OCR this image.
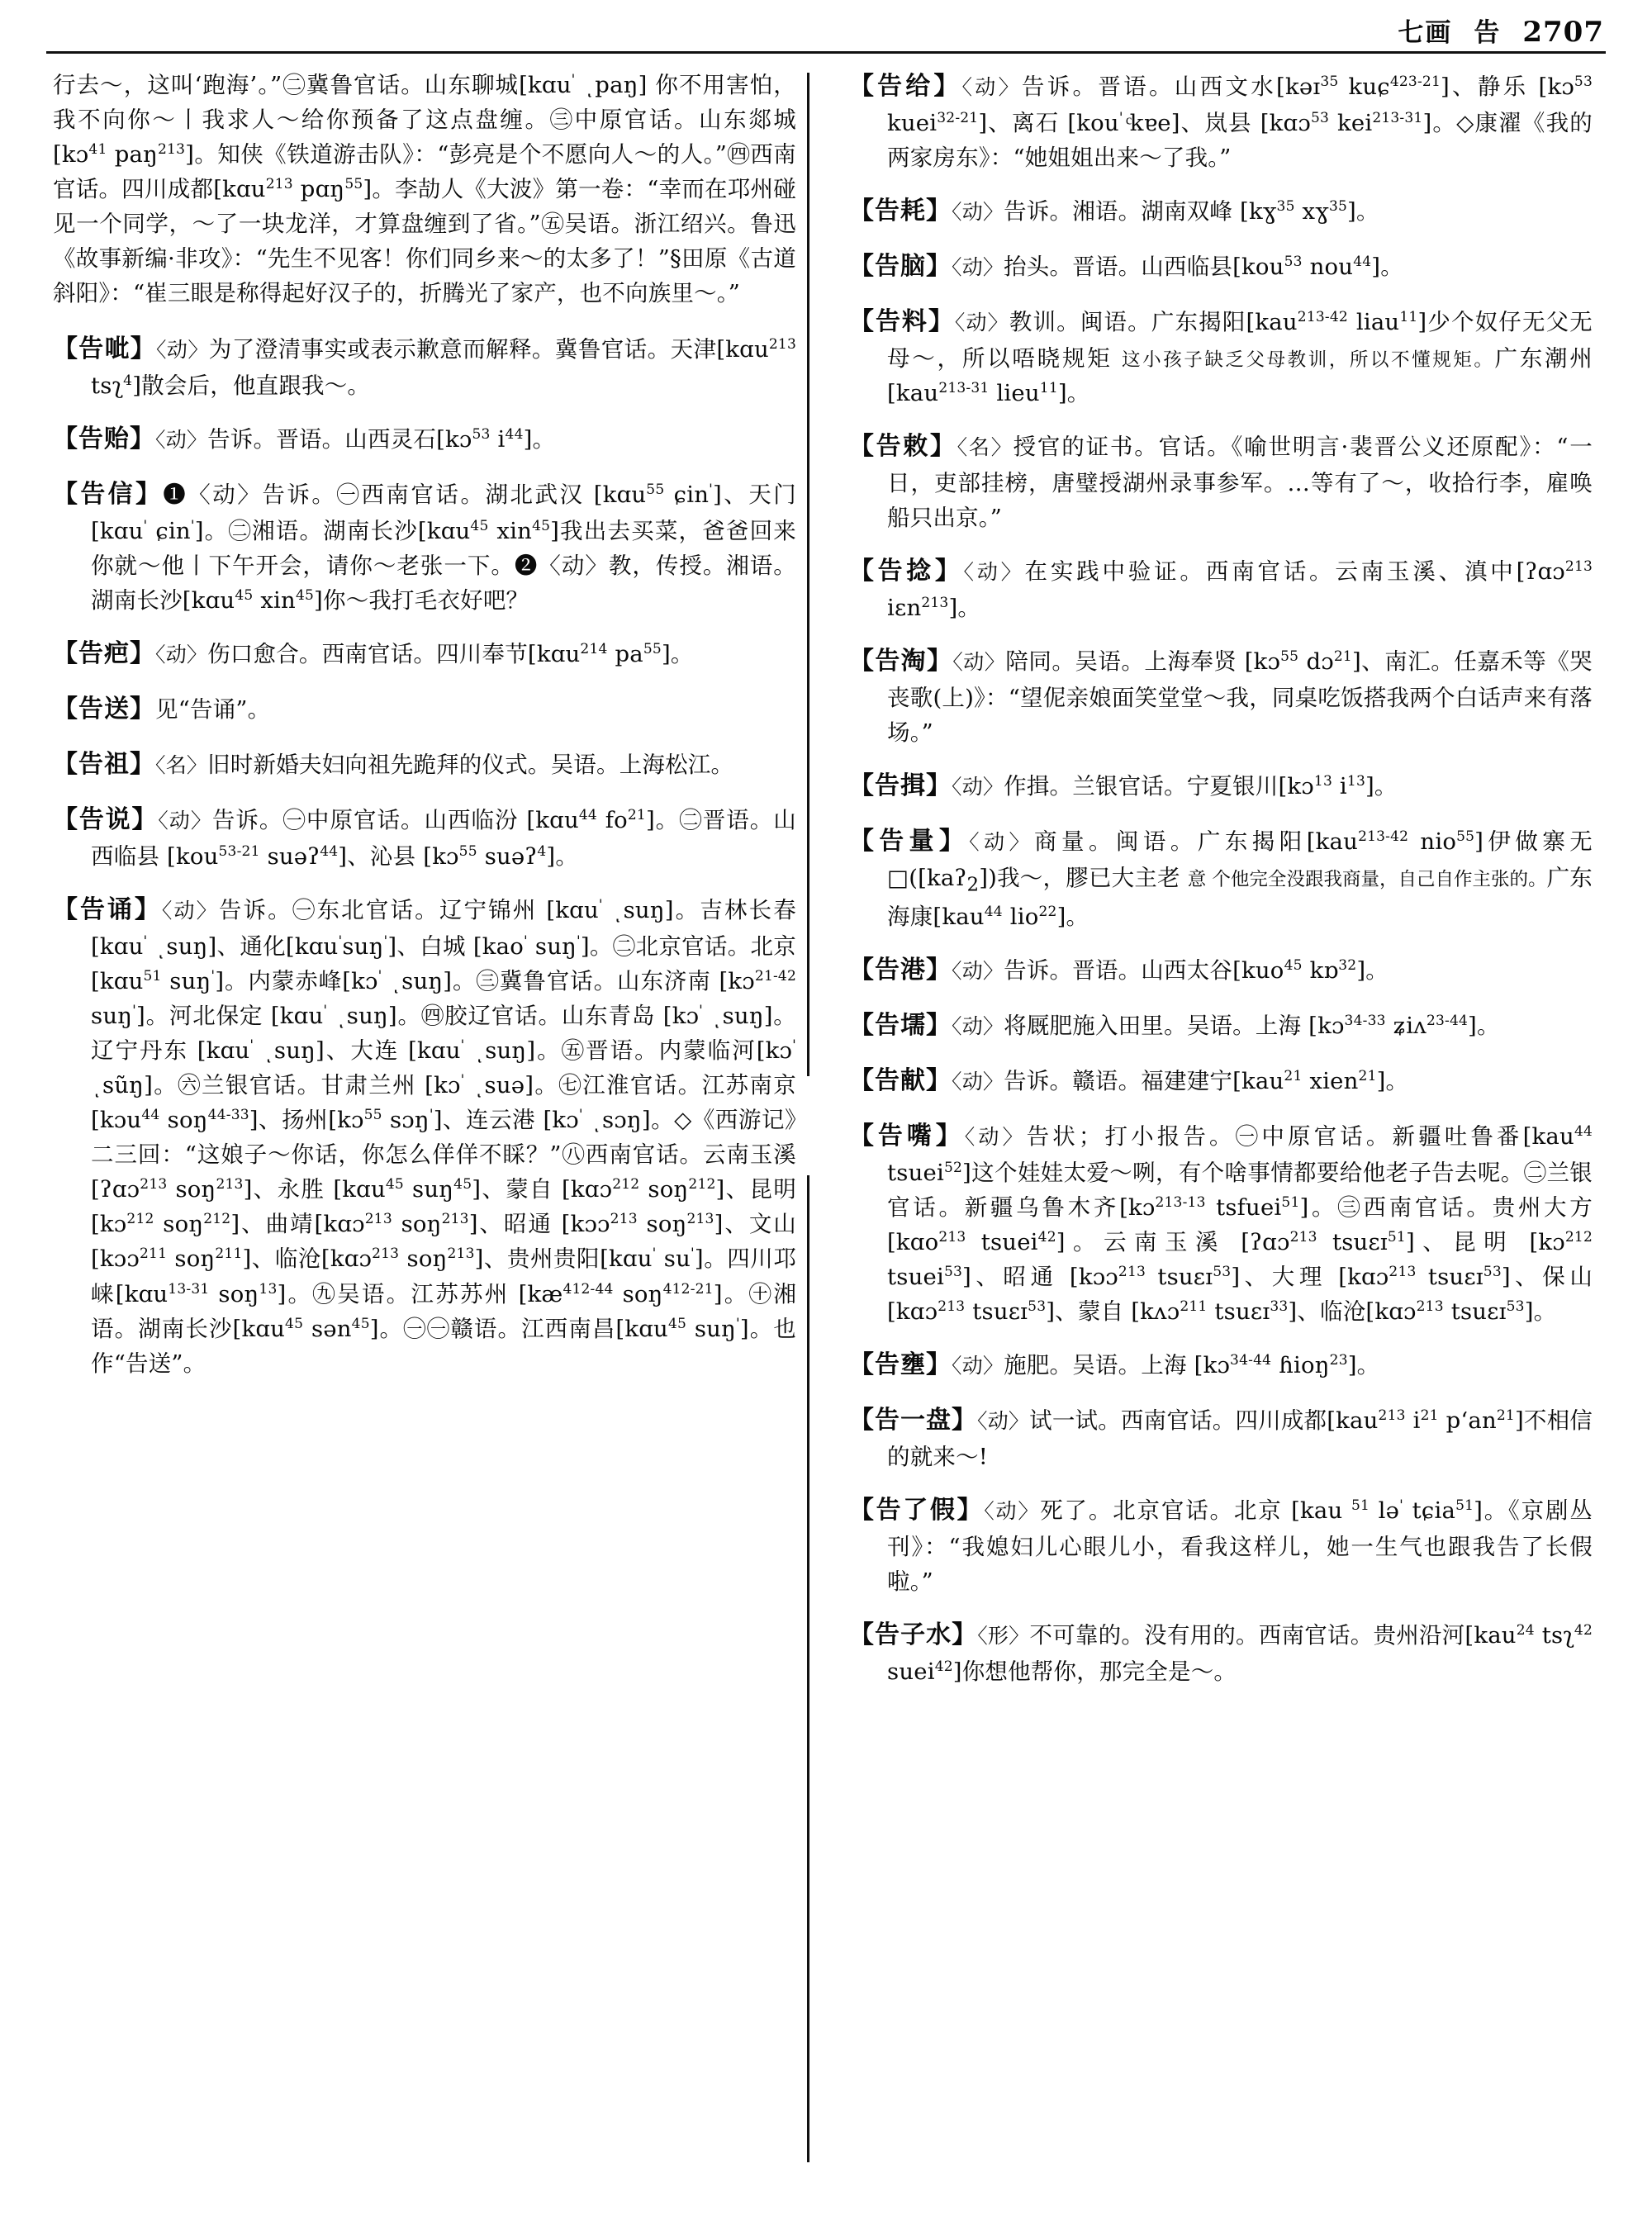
七画 告 2707
行去～，这叫‘跑海’。”㊁冀鲁官话。山东聊城[kɑu$^ꞌ$ ͺpaŋ] 你不用害怕，我不向你～丨我求人～给你预备了这点盘缠。㊂中原官话。山东郯城 [kɔ$^{41}$ paŋ$^{213}$]。知侠《铁道游击队》：“彭亮是个不愿向人～的人。”㊃西南官话。四川成都[kɑu$^{213}$ pɑŋ$^{55}$]。李劼人《大波》第一卷：“幸而在邛州碰见一个同学，～了一块龙洋，才算盘缠到了省。”㊄吴语。浙江绍兴。鲁迅《故事新编·非攻》：“先生不见客！你们同乡来～的太多了！”§田原《古道斜阳》：“崔三眼是称得起好汉子的，折腾光了家产，也不向族里～。”
【告呲】〈动〉为了澄清事实或表示歉意而解释。冀鲁官话。天津[kɑu$^{213}$ tsʅ$^4$]散会后，他直跟我～。
【告贻】〈动〉告诉。晋语。山西灵石[kɔ$^{53}$ $i^{44}$]。
【告信】❶〈动〉告诉。㊀西南官话。湖北武汉 [kɑu$^{55}$ ɕin$^ꞌ$]、天门[kɑu$^ꞌ$ ɕin$^ꞌ$]。㊁湘语。湖南长沙[kɑu$^{45}$ xin$^{45}$]我出去买菜，爸爸回来你就～他丨下午开会，请你～老张一下。❷〈动〉教，传授。湘语。湖南长沙[kɑu$^{45}$ xin$^{45}$]你～我打毛衣好吧？
【告疤】〈动〉伤口愈合。西南官话。四川奉节[kɑu$^{214}$ $pa^{55}$]。
【告送】见“告诵”。
【告祖】〈名〉旧时新婚夫妇向祖先跪拜的仪式。吴语。上海松江。
【告说】〈动〉告诉。㊀中原官话。山西临汾 [kɑu$^{44}$ $fo^{21}$]。㊁晋语。山西临县 [kou$^{53-21}$ suəʔ$^{44}$]、沁县 [kɔ$^{55}$ suəʔ$^4$]。
【告诵】〈动〉告诉。㊀东北官话。辽宁锦州 [kɑu$^ꞌ$ ͺsuŋ]。吉林长春 [kɑu$^ꞌ$ ͺsuŋ]、通化[kɑu$^ꞌ$suŋ$^ꞌ$]、白城 [kao$^ꞌ$ suŋ$^ꞌ$]。㊁北京官话。北京[kɑu$^{51}$ suŋ$^ꞌ$]。内蒙赤峰[kɔ$^ꞌ$ ͺsuŋ]。㊂冀鲁官话。山东济南 [kɔ$^{21-42}$ suŋ$^ꞌ$]。河北保定 [kɑu$^ꞌ$ ͺsuŋ]。㊃胶辽官话。山东青岛 [kɔ$^ꞌ$ ͺsuŋ]。辽宁丹东 [kɑu$^ꞌ$ ͺsuŋ]、大连 [kɑu$^ꞌ$ ͺsuŋ]。㊄晋语。内蒙临河[kɔ$^ꞌ$ ͺsũŋ]。㊅兰银官话。甘肃兰州 [kɔ$^ꞌ$ ͺsuə]。㊆江淮官话。江苏南京[kɔu$^{44}$ soŋ$^{44-33}$]、扬州[kɔ$^{55}$ sɔŋ$^ꞌ$]、连云港 [kɔ$^ꞌ$ ͺsɔŋ]。◇《西游记》二三回：“这娘子～你话，你怎么佯佯不睬？”㊇西南官话。云南玉溪 [ʔɑɔ$^{213}$ soŋ$^{213}$]、永胜 [kɑu$^{45}$ suŋ$^{45}$]、蒙自 [kɑɔ$^{212}$ soŋ$^{212}$]、昆明 [kɔ$^{212}$ soŋ$^{212}$]、曲靖[kɑɔ$^{213}$ soŋ$^{213}$]、昭通 [kɔɔ$^{213}$ soŋ$^{213}$]、文山[kɔɔ$^{211}$ soŋ$^{211}$]、临沧[kɑɔ$^{213}$ soŋ$^{213}$]、贵州贵阳[kɑu$^ꞌ$ $su^ꞌ$]。四川邛崃[kɑu$^{13-31}$ soŋ$^{13}$]。㊈吴语。江苏苏州 [$kæ^{412-44}$ soŋ$^{412-21}$]。㊉湘语。湖南长沙[kɑu$^{45}$ sən$^{45}$]。㊀㊀赣语。江西南昌[kɑu$^{45}$ suŋ$^ꞌ$]。也作“告送”。
【告给】〈动〉告诉。晋语。山西文水[kəɪ$^{35}$ kuɕ$^{423-21}$]、静乐 [kɔ$^{53}$ kuei$^{32-21}$]、离石 [kou$^ꞌ$ ͨkɐe]、岚县 [kɑɔ$^{53}$ kei$^{213-31}$]。◇康濯《我的两家房东》：“她姐姐出来～了我。”
【告耗】〈动〉告诉。湘语。湖南双峰 [kɣ$^{35}$ xɣ$^{35}$]。
【告脑】〈动〉抬头。晋语。山西临县[kou$^{53}$ nou$^{44}$]。
【告料】〈动〉教训。闽语。广东揭阳[kau$^{213-42}$ liau$^{11}$]少个奴仔无父无母～，所以唔晓规矩 这小孩子缺乏父母教训，所以不懂规矩。广东潮州[kau$^{213-31}$ lieu$^{11}$]。
【告敕】〈名〉授官的证书。官话。《喻世明言·裴晋公义还原配》：“一日，吏部挂榜，唐璧授湖州录事参军。…等有了～，收拾行李，雇唤船只出京。”
【告捻】〈动〉在实践中验证。西南官话。云南玉溪、滇中[ʔɑɔ$^{213}$ iɛn$^{213}$]。
【告淘】〈动〉陪同。吴语。上海奉贤 [kɔ$^{55}$ dɔ$^{21}$]、南汇。任嘉禾等《哭丧歌(上)》：“望伲亲娘面笑堂堂～我，同桌吃饭搭我两个白话声来有落场。”
【告揖】〈动〉作揖。兰银官话。宁夏银川[kɔ$^{13}$ $i^{13}$]。
【告量】〈动〉商量。闽语。广东揭阳[kau$^{213-42}$ nio$^{55}$]伊做寨无□([kaʔ$_2$])我～，膠已大主老 意 个他完全没跟我商量，自己自作主张的。广东海康[kau$^{44}$ lio$^{22}$]。
【告港】〈动〉告诉。晋语。山西太谷[kuo$^{45}$ kɒ$^{32}$]。
【告壖】〈动〉将厩肥施入田里。吴语。上海 [kɔ$^{34-33}$ ʑiʌ$^{23-44}$]。
【告献】〈动〉告诉。赣语。福建建宁[kau$^{21}$ xien$^{21}$]。
【告嘴】〈动〉告状；打小报告。㊀中原官话。新疆吐鲁番[kau$^{44}$ tsuei$^{52}$]这个娃娃太爱～咧，有个啥事情都要给他老子告去呢。㊁兰银官话。新疆乌鲁木齐[kɔ$^{213-13}$ tsfuei$^{51}$]。㊂西南官话。贵州大方[kɑo$^{213}$ tsuei$^{42}$]。云南玉溪 [ʔɑɔ$^{213}$ tsuɛɪ$^{51}$]、昆明 [kɔ$^{212}$ tsuei$^{53}$]、昭通 [kɔɔ$^{213}$ tsuɛɪ$^{53}$]、大理 [kɑɔ$^{213}$ tsuɛɪ$^{53}$]、保山 [kɑɔ$^{213}$ tsuɛɪ$^{53}$]、蒙自 [kʌɔ$^{211}$ tsuɛɪ$^{33}$]、临沧[kɑɔ$^{213}$ tsuɛɪ$^{53}$]。
【告壅】〈动〉施肥。吴语。上海 [kɔ$^{34-44}$ ɦioŋ$^{23}$]。
【告一盘】〈动〉试一试。西南官话。四川成都[kau$^{213}$ $i^{21}$ pʻan$^{21}$]不相信的就来～!
【告了假】〈动〉死了。北京官话。北京 [kau $^{51}$ lə$^ꞌ$ tɕia$^{51}$]。《京剧丛刊》：“我媳妇儿心眼儿小，看我这样儿，她一生气也跟我告了长假啦。”
【告子水】〈形〉不可靠的。没有用的。西南官话。贵州沿河[kau$^{24}$ tsʅ$^{42}$ suei$^{42}$]你想他帮你，那完全是～。
